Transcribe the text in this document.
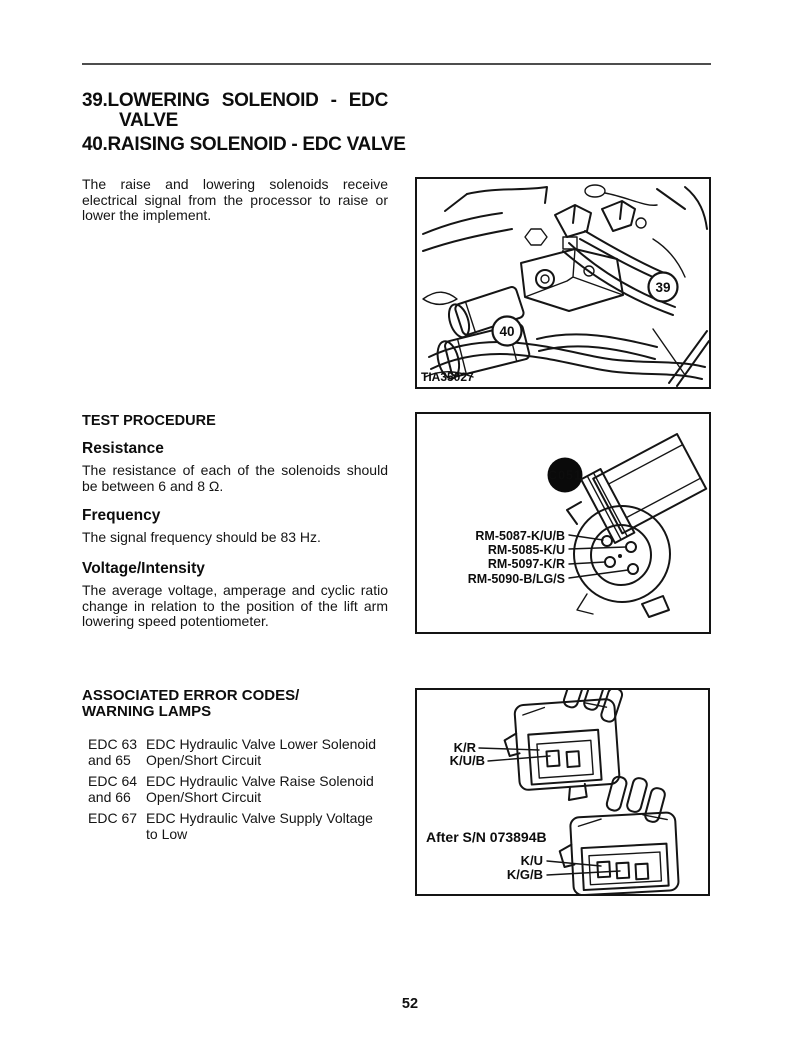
39.LOWERING SOLENOID - EDC
VALVE
40.RAISING SOLENOID - EDC VALVE
The raise and lowering solenoids receive electrical signal from the processor to raise or lower the implement.
TEST PROCEDURE
Resistance
The resistance of each of the solenoids should be between 6 and 8 Ω.
Frequency
The signal frequency should be 83 Hz.
Voltage/Intensity
The average voltage, amperage and cyclic ratio change in relation to the position of the lift arm lowering speed potentiometer.
ASSOCIATED ERROR CODES/
WARNING LAMPS
EDC 63
and 65
EDC Hydraulic Valve Lower Solenoid Open/Short Circuit
EDC 64
and 66
EDC Hydraulic Valve Raise Solenoid Open/Short Circuit
EDC 67 EDC Hydraulic Valve Supply Voltage to Low
39
40
TIA35027
C051
RM-5087-K/U/B
RM-5085-K/U
RM-5097-K/R
RM-5090-B/LG/S
K/R
K/U/B
After S/N 073894B
K/U
K/G/B
52
